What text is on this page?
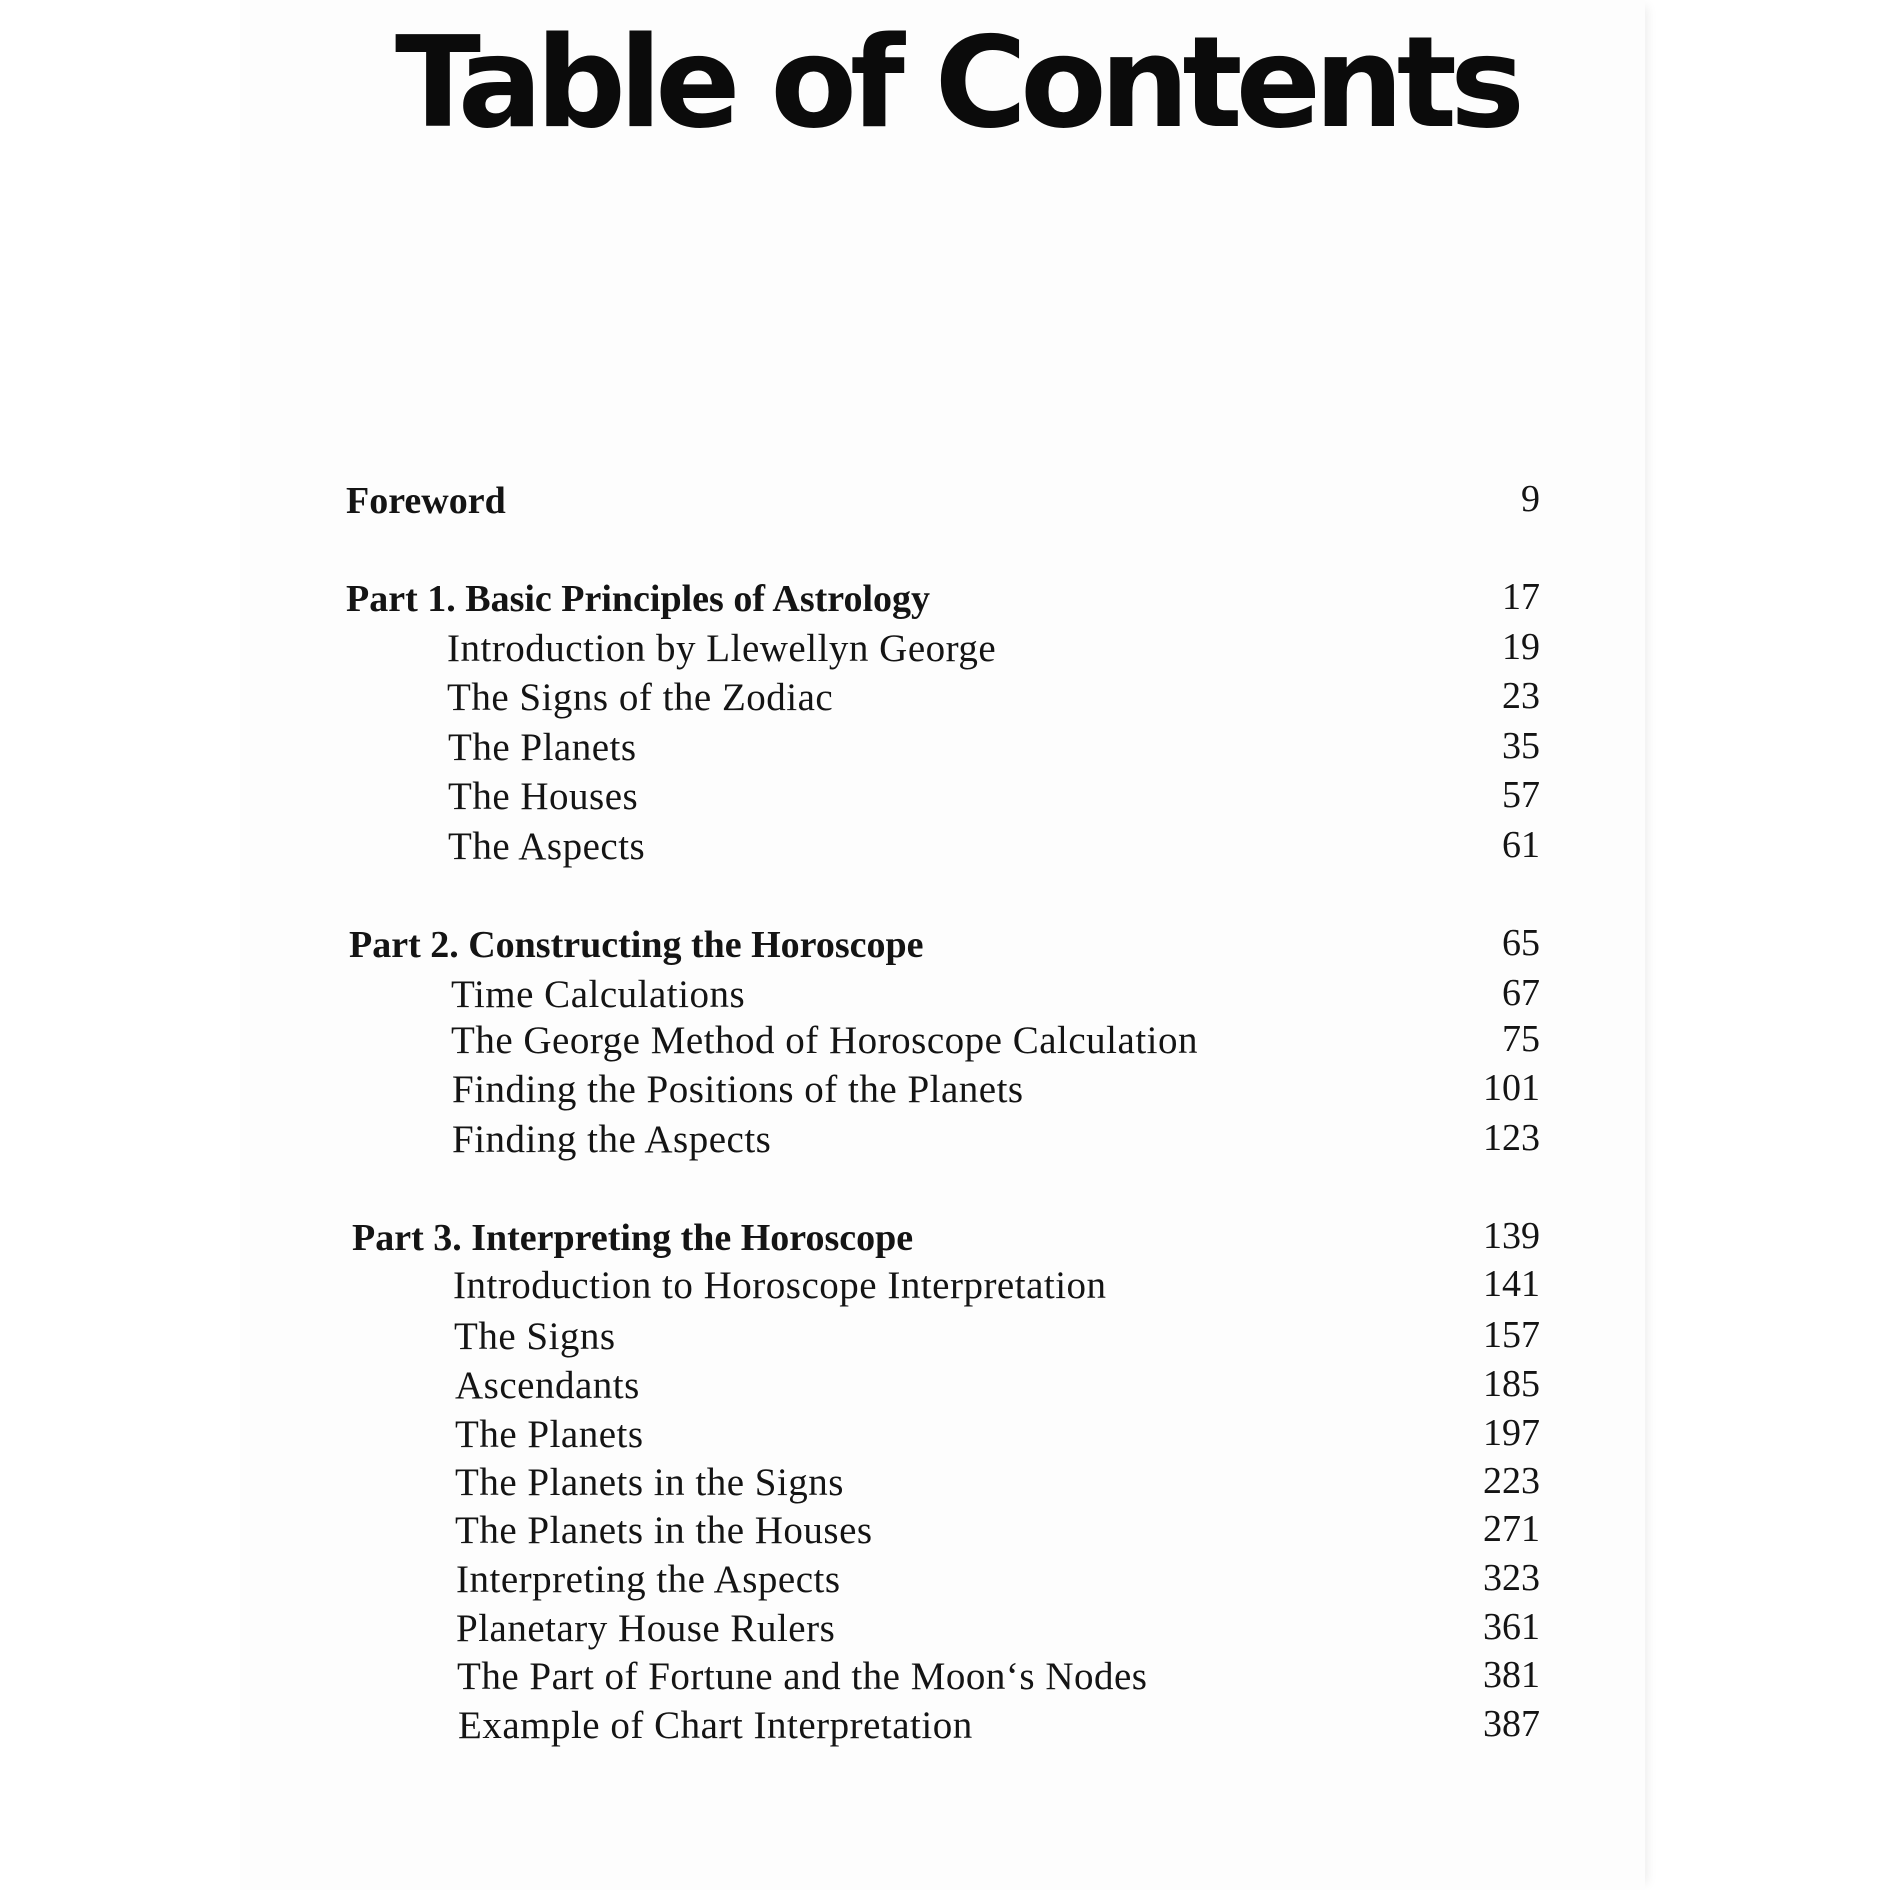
Table of Contents
Foreword	9
Part 1. Basic Principles of Astrology	17
Introduction by Llewellyn George	19
The Signs of the Zodiac	23
The Planets	35
The Houses	57
The Aspects	61
Part 2. Constructing the Horoscope	65
Time Calculations	67
The George Method of Horoscope Calculation	75
Finding the Positions of the Planets	101
Finding the Aspects	123
Part 3. Interpreting the Horoscope	139
Introduction to Horoscope Interpretation	141
The Signs	157
Ascendants	185
The Planets	197
The Planets in the Signs	223
The Planets in the Houses	271
Interpreting the Aspects	323
Planetary House Rulers	361
The Part of Fortune and the Moon‘s Nodes	381
Example of Chart Interpretation	387
